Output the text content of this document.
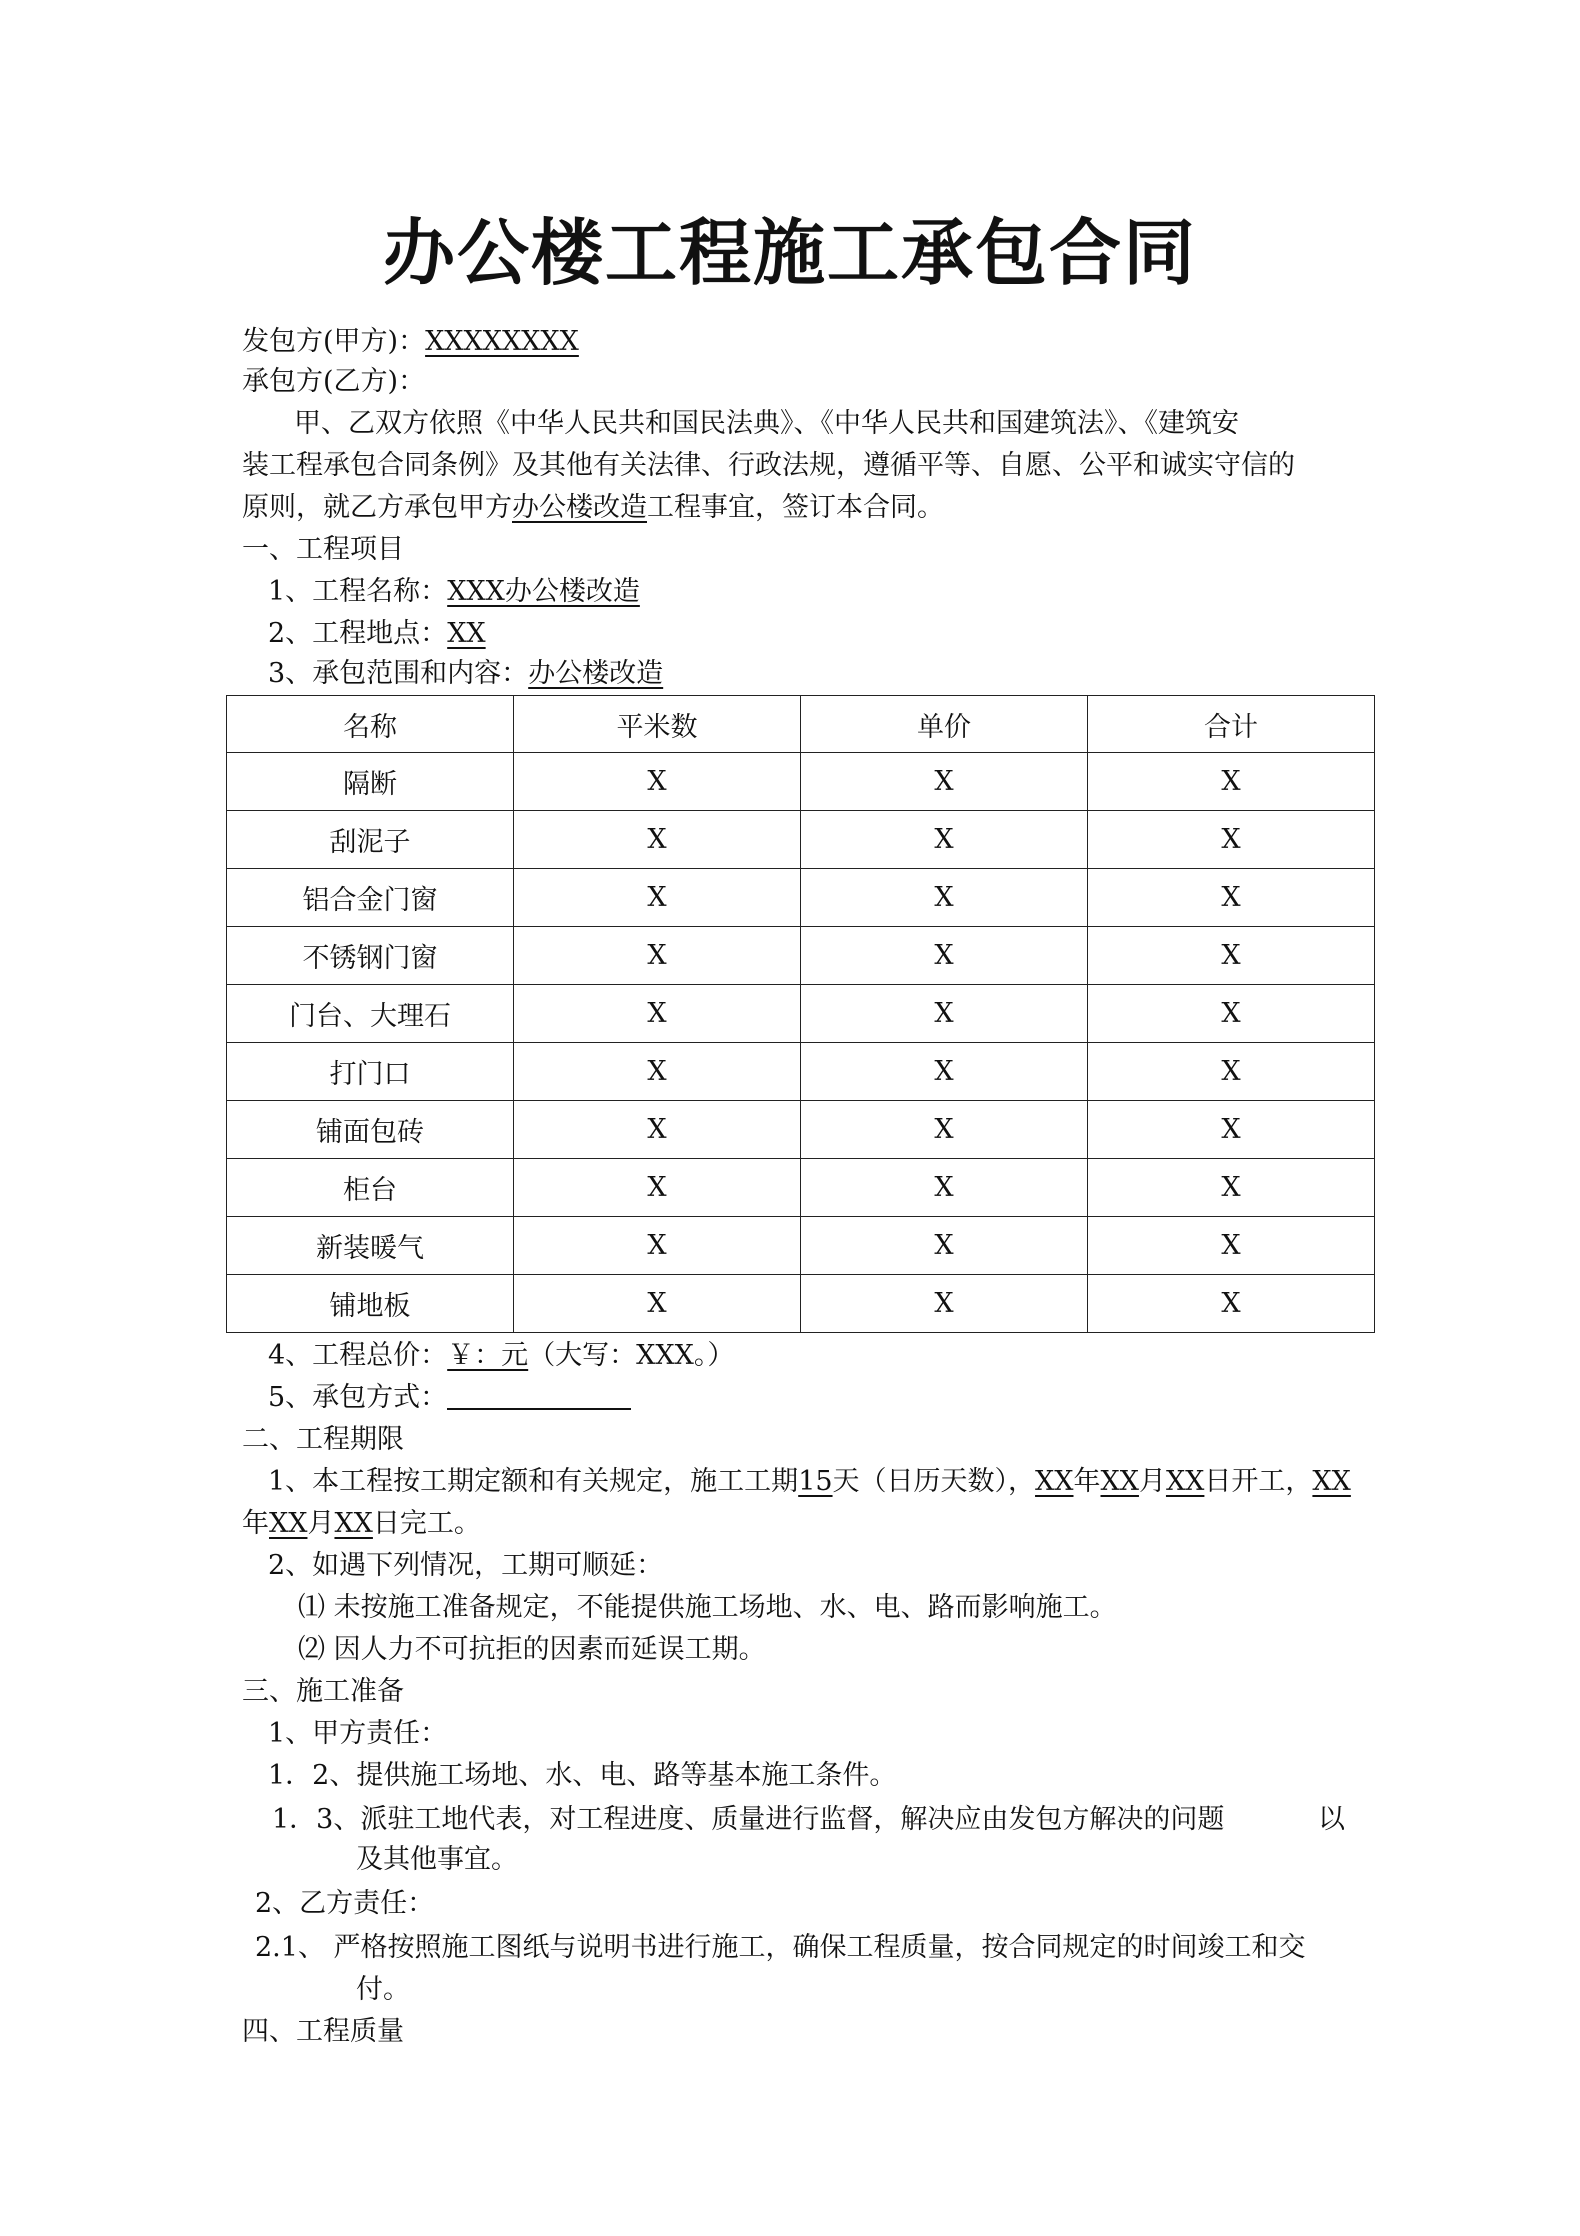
办公楼工程施工承包合同
发包方(甲方)：XXXXXXXX
承包方(乙方)：
甲、乙双方依照《中华人民共和国民法典》、《中华人民共和国建筑法》、《建筑安
装工程承包合同条例》及其他有关法律、行政法规，遵循平等、自愿、公平和诚实守信的
原则，就乙方承包甲方办公楼改造工程事宜，签订本合同。
一、工程项目
1、工程名称：XXX办公楼改造
2、工程地点：XX
3、承包范围和内容：办公楼改造
名称	平米数	单价	合计
隔断	X	X	X
刮泥子	X	X	X
铝合金门窗	X	X	X
不锈钢门窗	X	X	X
门台、大理石	X	X	X
打门口	X	X	X
铺面包砖	X	X	X
柜台	X	X	X
新装暖气	X	X	X
铺地板	X	X	X
4、工程总价：￥：元（大写：XXX。）
5、承包方式：
二、工程期限
1、本工程按工期定额和有关规定，施工工期15天（日历天数），XX年XX月XX日开工，XX
年XX月XX日完工。
2、如遇下列情况，工期可顺延：
⑴ 未按施工准备规定，不能提供施工场地、水、电、路而影响施工。
⑵ 因人力不可抗拒的因素而延误工期。
三、施工准备
1、甲方责任：
1．2、提供施工场地、水、电、路等基本施工条件。
1．3、派驻工地代表，对工程进度、质量进行监督，解决应由发包方解决的问题	以
及其他事宜。
2、乙方责任：
2.1、 严格按照施工图纸与说明书进行施工，确保工程质量，按合同规定的时间竣工和交
付。
四、工程质量
